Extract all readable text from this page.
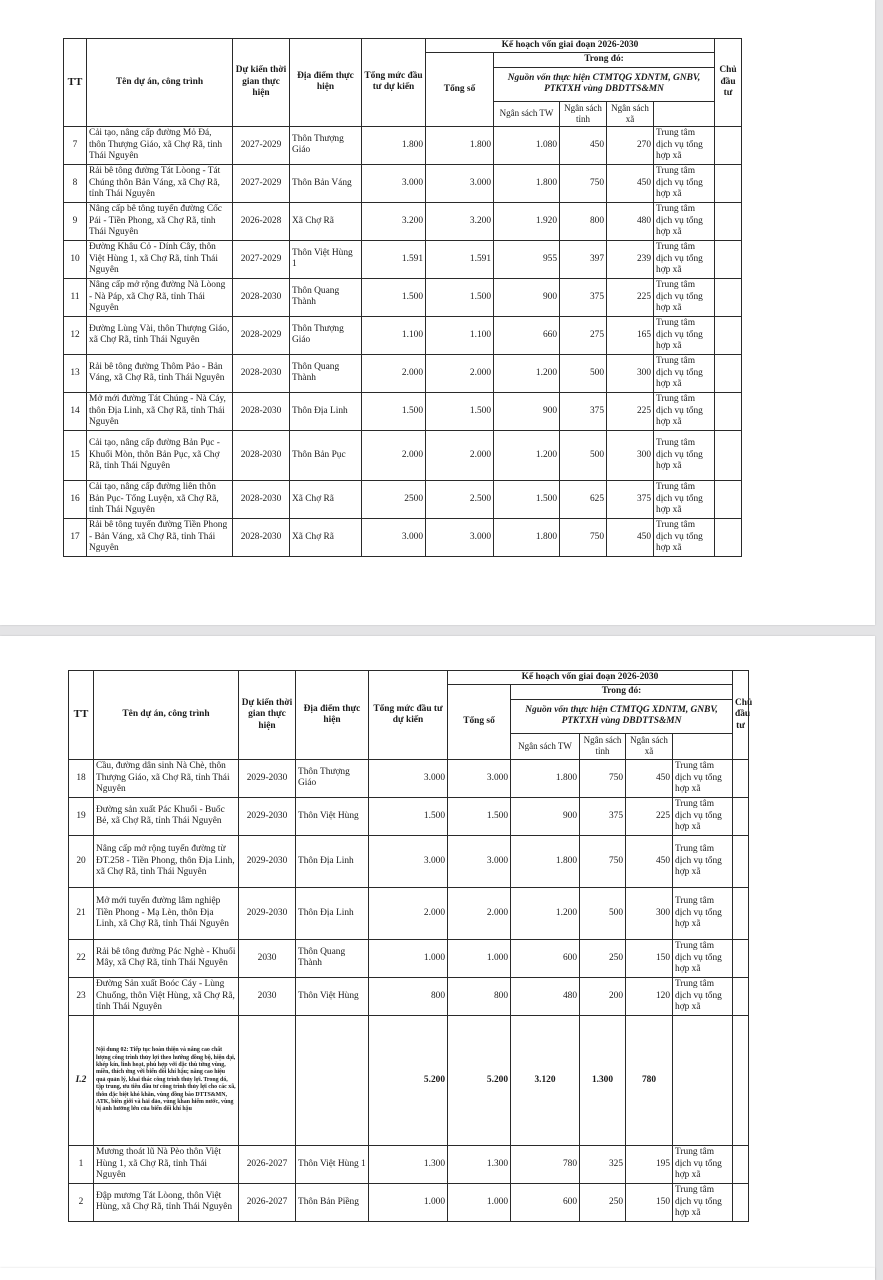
TT	Tên dự án, công trình	Dự kiến thời gian thực hiện	Địa điểm thực hiện	Tổng mức đầu tư dự kiến	Kế hoạch vốn giai đoạn 2026-2030					Chủ đầu tư	
					Tổng số	Trong đó:					
						Nguồn vốn thực hiện CTMTQG XDNTM, GNBV, PTKTXH vùng DBDTTS&MN					
						Ngân sách TW	Ngân sách tỉnh	Ngân sách xã			
7	Cải tạo, nâng cấp đường Mỏ Đá, thôn Thượng Giáo, xã Chợ Rã, tỉnh Thái Nguyên	2027-2029	Thôn Thượng Giáo	1.800	1.800	1.080	450	270	Trung tâm dịch vụ tổng hợp xã		
8	Rải bê tông đường Tát Lòong - Tát Chúng thôn Bản Váng, xã Chợ Rã, tỉnh Thái Nguyên	2027-2029	Thôn Bản Váng	3.000	3.000	1.800	750	450	Trung tâm dịch vụ tổng hợp xã		
9	Nâng cấp bê tông tuyến đường Cốc Pái - Tiền Phong, xã Chợ Rã, tỉnh Thái Nguyên	2026-2028	Xã Chợ Rã	3.200	3.200	1.920	800	480	Trung tâm dịch vụ tổng hợp xã		
10	Đường Khâu Cỏ - Dính Cây, thôn Việt Hùng 1, xã Chợ Rã, tỉnh Thái Nguyên	2027-2029	Thôn Việt Hùng 1	1.591	1.591	955	397	239	Trung tâm dịch vụ tổng hợp xã		
11	Nâng cấp mở rộng đường Nà Lòong - Nà Páp, xã Chợ Rã, tỉnh Thái Nguyên	2028-2030	Thôn Quang Thành	1.500	1.500	900	375	225	Trung tâm dịch vụ tổng hợp xã		
12	Đường Lùng Vài, thôn Thượng Giáo, xã Chợ Rã, tỉnh Thái Nguyên	2028-2029	Thôn Thượng Giáo	1.100	1.100	660	275	165	Trung tâm dịch vụ tổng hợp xã		
13	Rải bê tông đường Thôm Pảo - Bản Váng, xã Chợ Rã, tỉnh Thái Nguyên	2028-2030	Thôn Quang Thành	2.000	2.000	1.200	500	300	Trung tâm dịch vụ tổng hợp xã		
14	Mở mới đường Tát Chúng - Nà Cáy, thôn Địa Linh, xã Chợ Rã, tỉnh Thái Nguyên	2028-2030	Thôn Địa Linh	1.500	1.500	900	375	225	Trung tâm dịch vụ tổng hợp xã		
15	Cải tạo, nâng cấp đường Bản Pục - Khuổi Mòn, thôn Bản Pục, xã Chợ Rã, tỉnh Thái Nguyên	2028-2030	Thôn Bản Pục	2.000	2.000	1.200	500	300	Trung tâm dịch vụ tổng hợp xã		
16	Cải tạo, nâng cấp đường liên thôn Bản Pục- Tổng Luyện, xã Chợ Rã, tỉnh Thái Nguyên	2028-2030	Xã Chợ Rã	2500	2.500	1.500	625	375	Trung tâm dịch vụ tổng hợp xã		
17	Rải bê tông tuyến đường Tiền Phong - Bản Váng, xã Chợ Rã, tỉnh Thái Nguyên	2028-2030	Xã Chợ Rã	3.000	3.000	1.800	750	450	Trung tâm dịch vụ tổng hợp xã		
TT	Tên dự án, công trình	Dự kiến thời gian thực hiện	Địa điểm thực hiện	Tổng mức đầu tư dự kiến	Kế hoạch vốn giai đoạn 2026-2030					Chủ đầu tư	
					Tổng số	Trong đó:					
						Nguồn vốn thực hiện CTMTQG XDNTM, GNBV, PTKTXH vùng DBDTTS&MN					
						Ngân sách TW	Ngân sách tỉnh	Ngân sách xã			
18	Cầu, đường dân sinh Nà Chè, thôn Thượng Giáo, xã Chợ Rã, tỉnh Thái Nguyên	2029-2030	Thôn Thượng Giáo	3.000	3.000	1.800	750	450	Trung tâm dịch vụ tổng hợp xã		
19	Đường sản xuất Pác Khuổi - Buốc Bẻ, xã Chợ Rã, tỉnh Thái Nguyên	2029-2030	Thôn Việt Hùng	1.500	1.500	900	375	225	Trung tâm dịch vụ tổng hợp xã		
20	Nâng cấp mở rộng tuyến đường từ ĐT.258 - Tiền Phong, thôn Địa Linh, xã Chợ Rã, tỉnh Thái Nguyên	2029-2030	Thôn Địa Linh	3.000	3.000	1.800	750	450	Trung tâm dịch vụ tổng hợp xã		
21	Mở mới tuyến đường lâm nghiệp Tiền Phong - Mạ Lèn, thôn Địa Linh, xã Chợ Rã, tỉnh Thái Nguyên	2029-2030	Thôn Địa Linh	2.000	2.000	1.200	500	300	Trung tâm dịch vụ tổng hợp xã		
22	Rải bê tông đường Pác Nghè - Khuổi Mây, xã Chợ Rã, tỉnh Thái Nguyên	2030	Thôn Quang Thành	1.000	1.000	600	250	150	Trung tâm dịch vụ tổng hợp xã		
23	Đường Sản xuất Boóc Cáy - Lùng Chuổng, thôn Việt Hùng, xã Chợ Rã, tỉnh Thái Nguyên	2030	Thôn Việt Hùng	800	800	480	200	120	Trung tâm dịch vụ tổng hợp xã		
I.2	Nội dung 02: Tiếp tục hoàn thiện và nâng cao chất lượng công trình thủy lợi theo hướng đồng bộ, hiện đại, khép kín, linh hoạt, phù hợp với đặc thù từng vùng, miền, thích ứng với biến đổi khí hậu; nâng cao hiệu quả quản lý, khai thác công trình thủy lợi. Trong đó, tập trung, ưu tiên đầu tư công trình thủy lợi cho các xã, thôn đặc biệt khó khăn, vùng đồng bào DTTS&MN, ATK, biên giới và hải đảo, vùng khan hiếm nước, vùng bị ảnh hưởng lớn của biến đổi khí hậu			5.200	5.200	3.120	1.300	780			
1	Mương thoát lũ Nà Pèo thôn Việt Hùng 1, xã Chợ Rã, tỉnh Thái Nguyên	2026-2027	Thôn Việt Hùng 1	1.300	1.300	780	325	195	Trung tâm dịch vụ tổng hợp xã		
2	Đập mương Tát Lòong, thôn Việt Hùng, xã Chợ Rã, tỉnh Thái Nguyên	2026-2027	Thôn Bản Piềng	1.000	1.000	600	250	150	Trung tâm dịch vụ tổng hợp xã		
